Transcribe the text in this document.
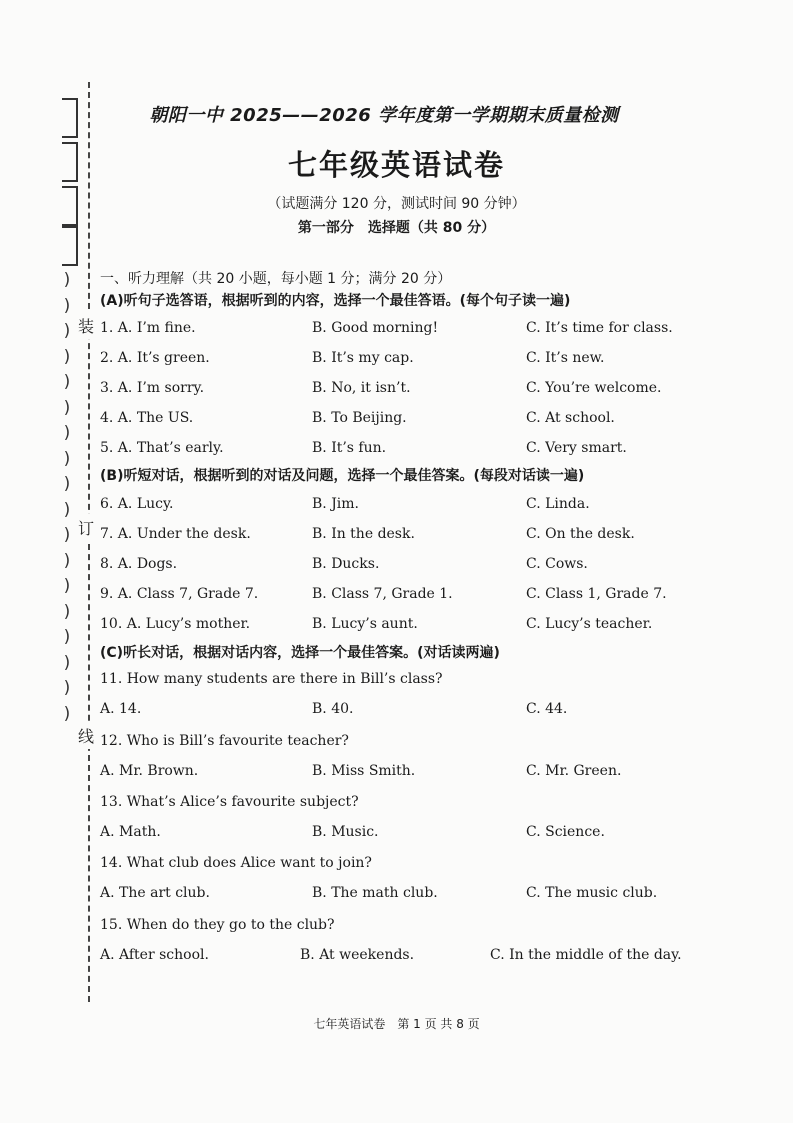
)
)
)
)
)
)
)
)
)
)
)
)
)
)
)
)
)
)
装
订
线
朝阳一中 2025——2026 学年度第一学期期末质量检测
七年级英语试卷
（试题满分 120 分，测试时间 90 分钟）
第一部分　选择题（共 80 分）
一、听力理解（共 20 小题，每小题 1 分；满分 20 分）
(A)听句子选答语，根据听到的内容，选择一个最佳答语。(每个句子读一遍)
1. A. I’m fine.	B. Good morning!	C. It’s time for class.
2. A. It’s green.	B. It’s my cap.	C. It’s new.
3. A. I’m sorry.	B. No, it isn’t.	C. You’re welcome.
4. A. The US.	B. To Beijing.	C. At school.
5. A. That’s early.	B. It’s fun.	C. Very smart.
(B)听短对话，根据听到的对话及问题，选择一个最佳答案。(每段对话读一遍)
6. A. Lucy.	B. Jim.	C. Linda.
7. A. Under the desk.	B. In the desk.	C. On the desk.
8. A. Dogs.	B. Ducks.	C. Cows.
9. A. Class 7, Grade 7.	B. Class 7, Grade 1.	C. Class 1, Grade 7.
10. A. Lucy’s mother.	B. Lucy’s aunt.	C. Lucy’s teacher.
(C)听长对话，根据对话内容，选择一个最佳答案。(对话读两遍)
11. How many students are there in Bill’s class?
A. 14.	B. 40.	C. 44.
12. Who is Bill’s favourite teacher?
A. Mr. Brown.	B. Miss Smith.	C. Mr. Green.
13. What’s Alice’s favourite subject?
A. Math.	B. Music.	C. Science.
14. What club does Alice want to join?
A. The art club.	B. The math club.	C. The music club.
15. When do they go to the club?
A. After school.	B. At weekends.	C. In the middle of the day.
七年英语试卷　第 1 页 共 8 页
